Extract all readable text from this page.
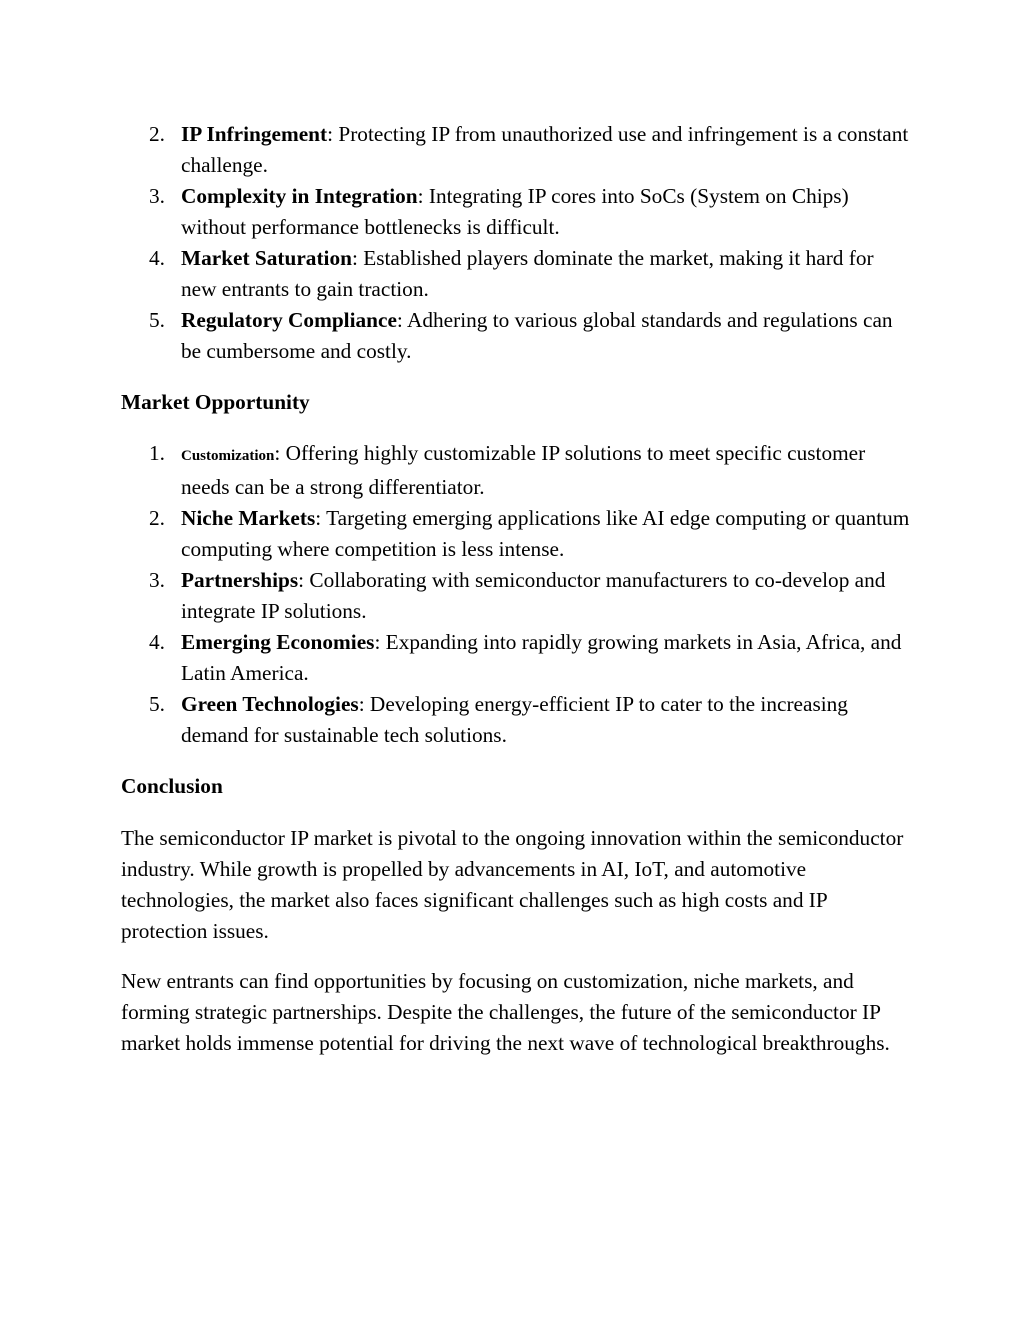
2. IP Infringement: Protecting IP from unauthorized use and infringement is a constant challenge.
3. Complexity in Integration: Integrating IP cores into SoCs (System on Chips) without performance bottlenecks is difficult.
4. Market Saturation: Established players dominate the market, making it hard for new entrants to gain traction.
5. Regulatory Compliance: Adhering to various global standards and regulations can be cumbersome and costly.
Market Opportunity
1. Customization: Offering highly customizable IP solutions to meet specific customer needs can be a strong differentiator.
2. Niche Markets: Targeting emerging applications like AI edge computing or quantum computing where competition is less intense.
3. Partnerships: Collaborating with semiconductor manufacturers to co-develop and integrate IP solutions.
4. Emerging Economies: Expanding into rapidly growing markets in Asia, Africa, and Latin America.
5. Green Technologies: Developing energy-efficient IP to cater to the increasing demand for sustainable tech solutions.
Conclusion

The semiconductor IP market is pivotal to the ongoing innovation within the semiconductor industry. While growth is propelled by advancements in AI, IoT, and automotive technologies, the market also faces significant challenges such as high costs and IP protection issues.

New entrants can find opportunities by focusing on customization, niche markets, and forming strategic partnerships. Despite the challenges, the future of the semiconductor IP market holds immense potential for driving the next wave of technological breakthroughs.
